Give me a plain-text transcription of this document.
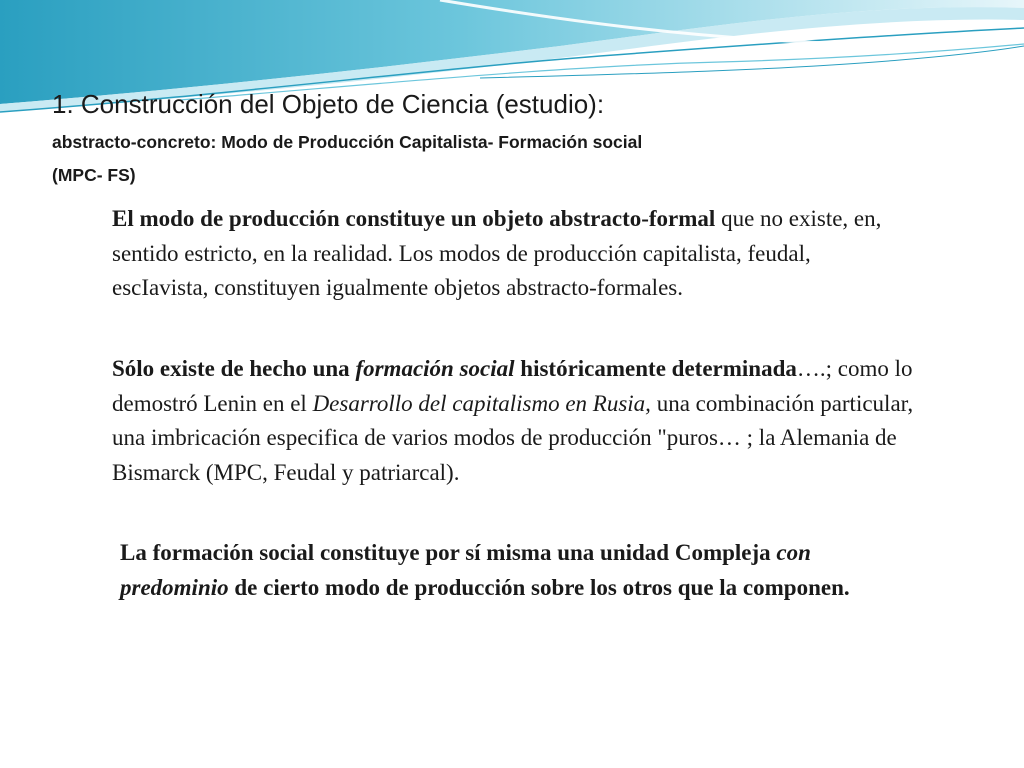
1. Construcción del Objeto de Ciencia (estudio):
abstracto-concreto: Modo de Producción Capitalista- Formación social
(MPC- FS)

El modo de producción constituye un objeto abstracto-formal que no existe, en, sentido estricto, en la realidad. Los modos de producción capitalista, feudal, escIavista, constituyen igualmente objetos abstracto-formales.

Sólo existe de hecho una formación social históricamente determinada….; como lo demostró Lenin en el Desarrollo del capitalismo en Rusia, una combinación particular, una imbricación especifica de varios modos de producción "puros… ; la Alemania de Bismarck (MPC, Feudal y patriarcal).

La formación social constituye por sí misma una unidad Compleja con predominio de cierto modo de producción sobre los otros que la componen.
